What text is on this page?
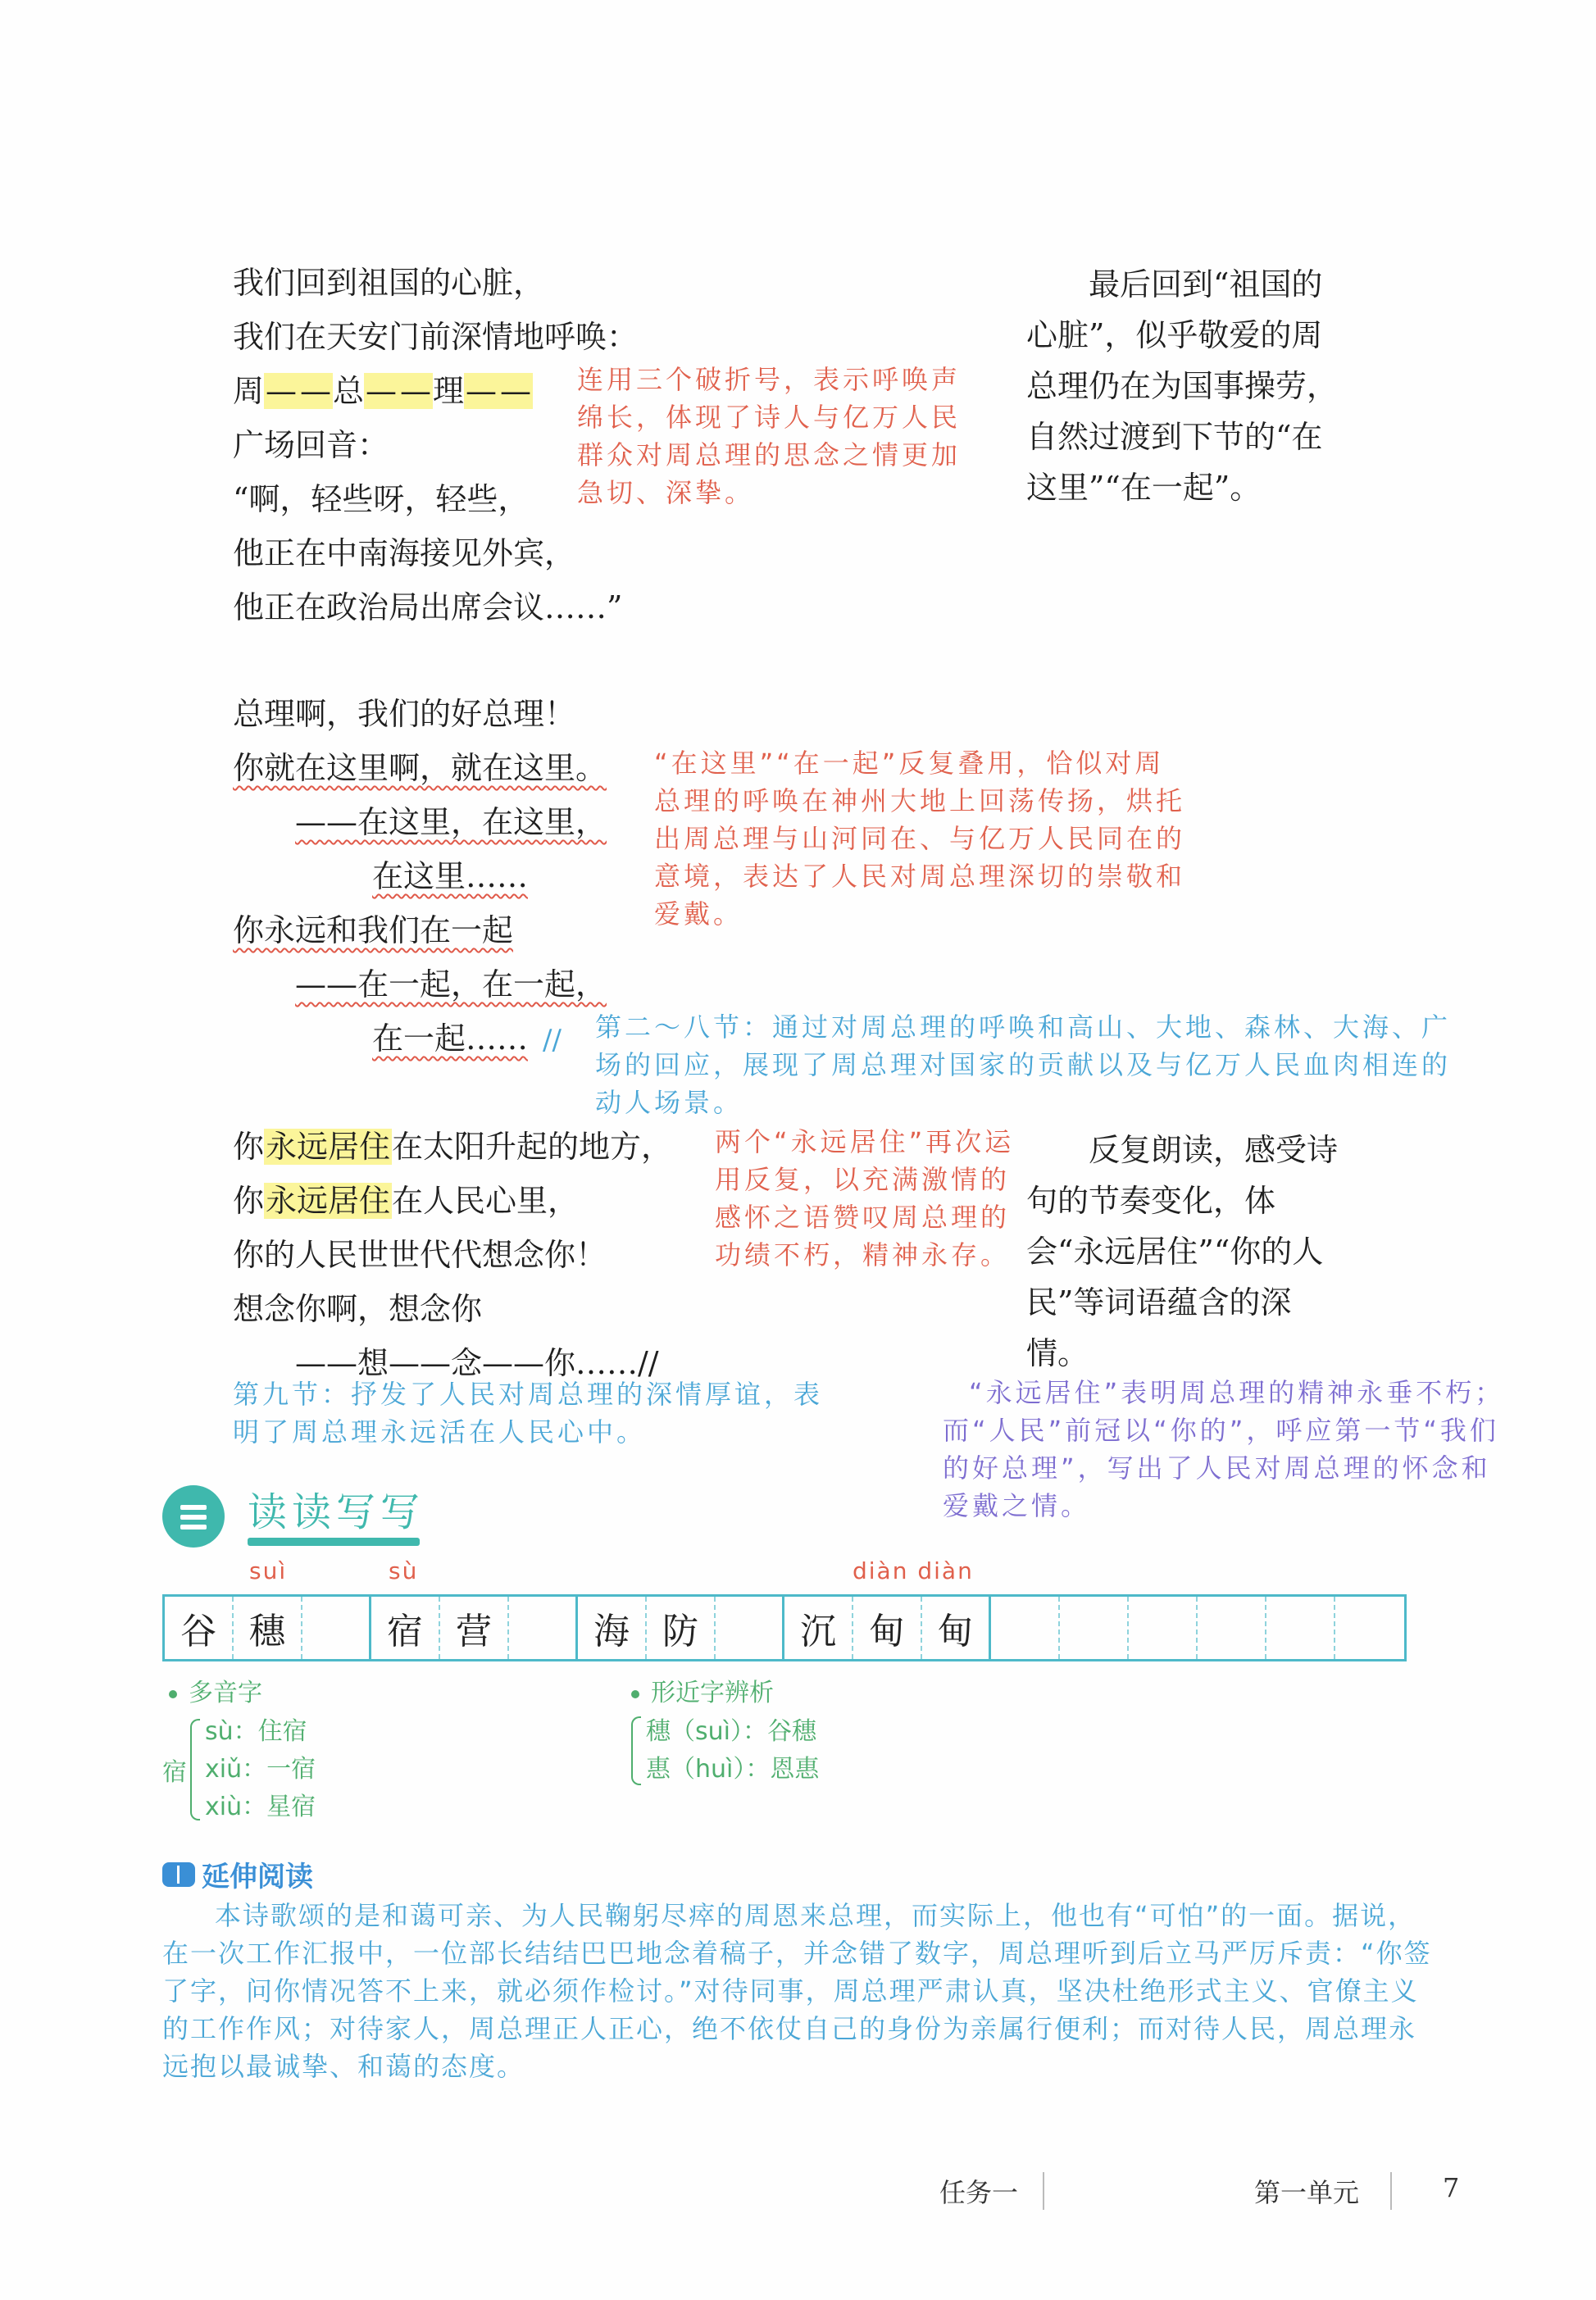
我们回到祖国的心脏，
我们在天安门前深情地呼唤：
周— —总— —理— —
广场回音：
“啊，轻些呀，轻些，
他正在中南海接见外宾，
他正在政治局出席会议……”
连用三个破折号，表示呼唤声绵长，体现了诗人与亿万人民群众对周总理的思念之情更加急切、深挚。
最后回到“祖国的心脏”，似乎敬爱的周总理仍在为国事操劳，自然过渡到下节的“在这里”“在一起”。
总理啊，我们的好总理！
你就在这里啊，就在这里。
——在这里，在这里，
在这里……
你永远和我们在一起
——在一起，在一起，
在一起…… //
“在这里”“在一起”反复叠用，恰似对周总理的呼唤在神州大地上回荡传扬，烘托出周总理与山河同在、与亿万人民同在的意境，表达了人民对周总理深切的崇敬和爱戴。
第二～八节：通过对周总理的呼唤和高山、大地、森林、大海、广场的回应，展现了周总理对国家的贡献以及与亿万人民血肉相连的动人场景。
你永远居住在太阳升起的地方，
你永远居住在人民心里，
你的人民世世代代想念你！
想念你啊，想念你
——想——念——你……//
两个“永远居住”再次运用反复，以充满激情的感怀之语赞叹周总理的功绩不朽，精神永存。
反复朗读，感受诗句的节奏变化，体会“永远居住”“你的人民”等词语蕴含的深情。
第九节：抒发了人民对周总理的深情厚谊，表明了周总理永远活在人民心中。
“永远居住”表明周总理的精神永垂不朽；而“人民”前冠以“你的”，呼应第一节“我们的好总理”，写出了人民对周总理的怀念和爱戴之情。
读读写写
suì	sù	diàn diàn
谷 穗	宿 营	海 防	沉 甸 甸
多音字
宿
sù：住宿
xiǔ：一宿
xiù：星宿
形近字辨析
穗（suì）：谷穗
惠（huì）：恩惠
延伸阅读

本诗歌颂的是和蔼可亲、为人民鞠躬尽瘁的周恩来总理，而实际上，他也有“可怕”的一面。据说，在一次工作汇报中，一位部长结结巴巴地念着稿子，并念错了数字，周总理听到后立马严厉斥责：“你签了字，问你情况答不上来，就必须作检讨。”对待同事，周总理严肃认真，坚决杜绝形式主义、官僚主义的工作作风；对待家人，周总理正人正心，绝不依仗自己的身份为亲属行便利；而对待人民，周总理永远抱以最诚挚、和蔼的态度。

任务一	第一单元	7
